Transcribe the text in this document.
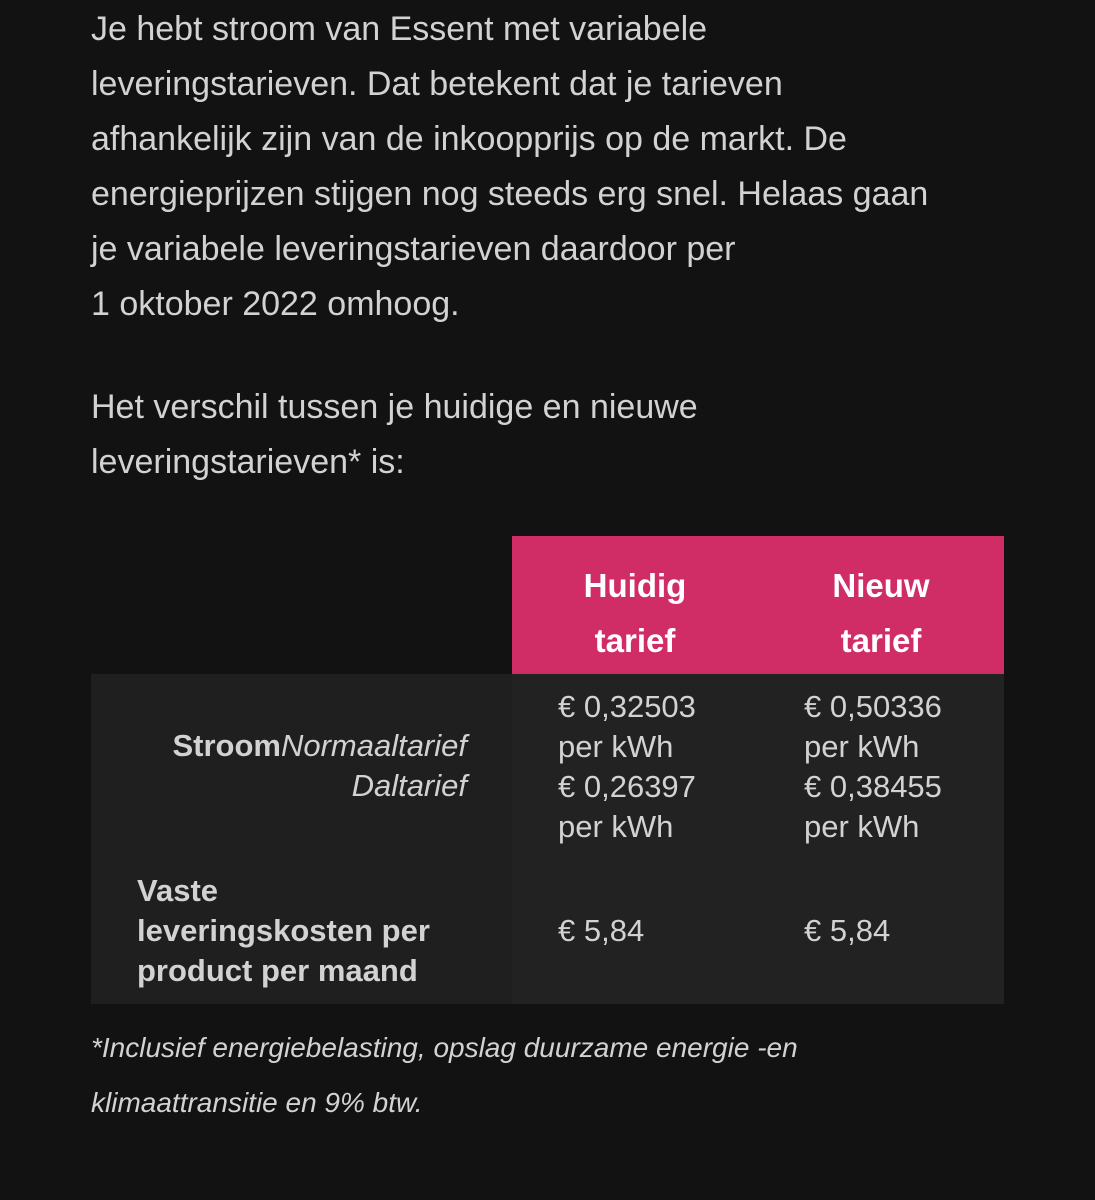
Je hebt stroom van Essent met variabele
leveringstarieven. Dat betekent dat je tarieven
afhankelijk zijn van de inkoopprijs op de markt. De
energieprijzen stijgen nog steeds erg snel. Helaas gaan
je variabele leveringstarieven daardoor per
1 oktober 2022 omhoog.

Het verschil tussen je huidige en nieuwe
leveringstarieven* is:

Huidig
tarief
Nieuw
tarief
StroomNormaaltarief
Daltarief
€ 0,32503
per kWh
€ 0,26397
per kWh
€ 0,50336
per kWh
€ 0,38455
per kWh
Vaste
leveringskosten per
product per maand
€ 5,84	€ 5,84

*Inclusief energiebelasting, opslag duurzame energie -en
klimaattransitie en 9% btw.
